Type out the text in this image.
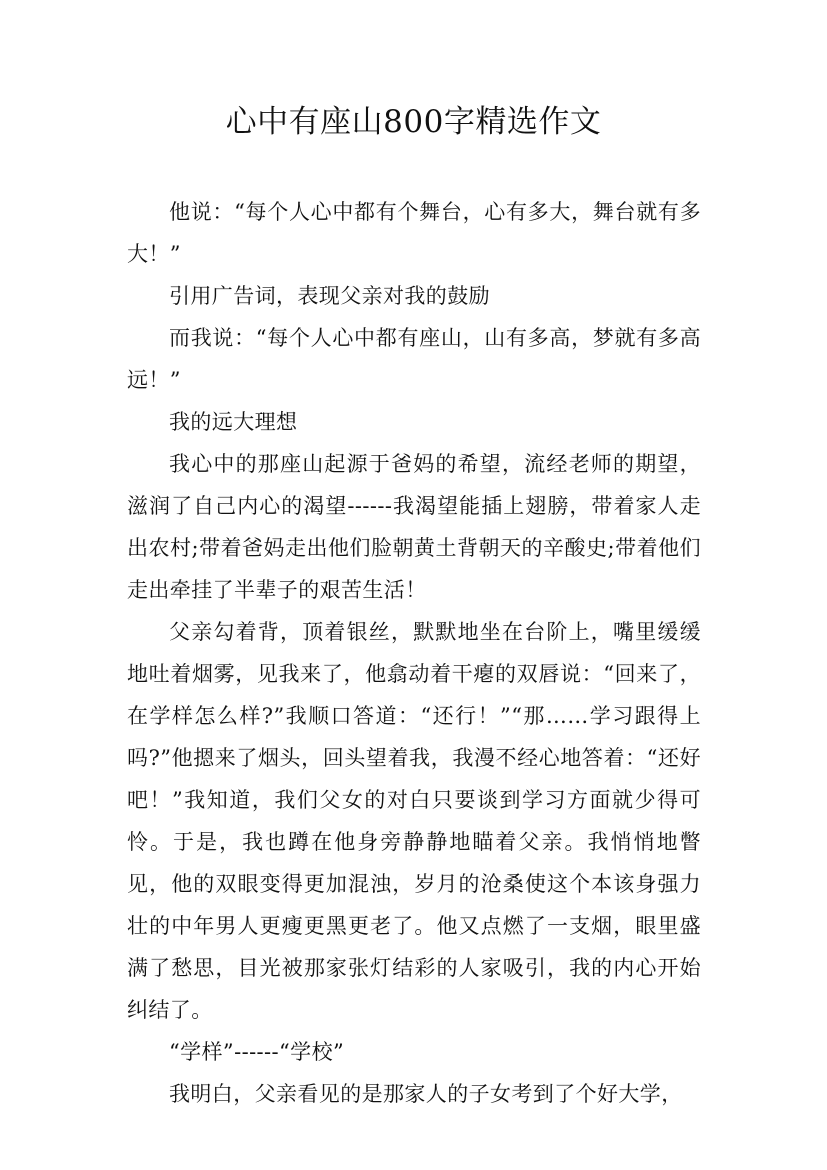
心中有座山800字精选作文

他说：“每个人心中都有个舞台，心有多大，舞台就有多大！”

引用广告词，表现父亲对我的鼓励

而我说：“每个人心中都有座山，山有多高，梦就有多高远！”

我的远大理想

我心中的那座山起源于爸妈的希望，流经老师的期望，滋润了自己内心的渴望------我渴望能插上翅膀，带着家人走出农村;带着爸妈走出他们脸朝黄土背朝天的辛酸史;带着他们走出牵挂了半辈子的艰苦生活！

父亲勾着背，顶着银丝，默默地坐在台阶上，嘴里缓缓地吐着烟雾，见我来了，他翕动着干瘪的双唇说：“回来了，在学样怎么样?”我顺口答道：“还行！”“那……学习跟得上吗?”他摁来了烟头，回头望着我，我漫不经心地答着：“还好吧！”我知道，我们父女的对白只要谈到学习方面就少得可怜。于是，我也蹲在他身旁静静地瞄着父亲。我悄悄地瞥见，他的双眼变得更加混浊，岁月的沧桑使这个本该身强力壮的中年男人更瘦更黑更老了。他又点燃了一支烟，眼里盛满了愁思，目光被那家张灯结彩的人家吸引，我的内心开始纠结了。

“学样”------“学校”

我明白，父亲看见的是那家人的子女考到了个好大学，
